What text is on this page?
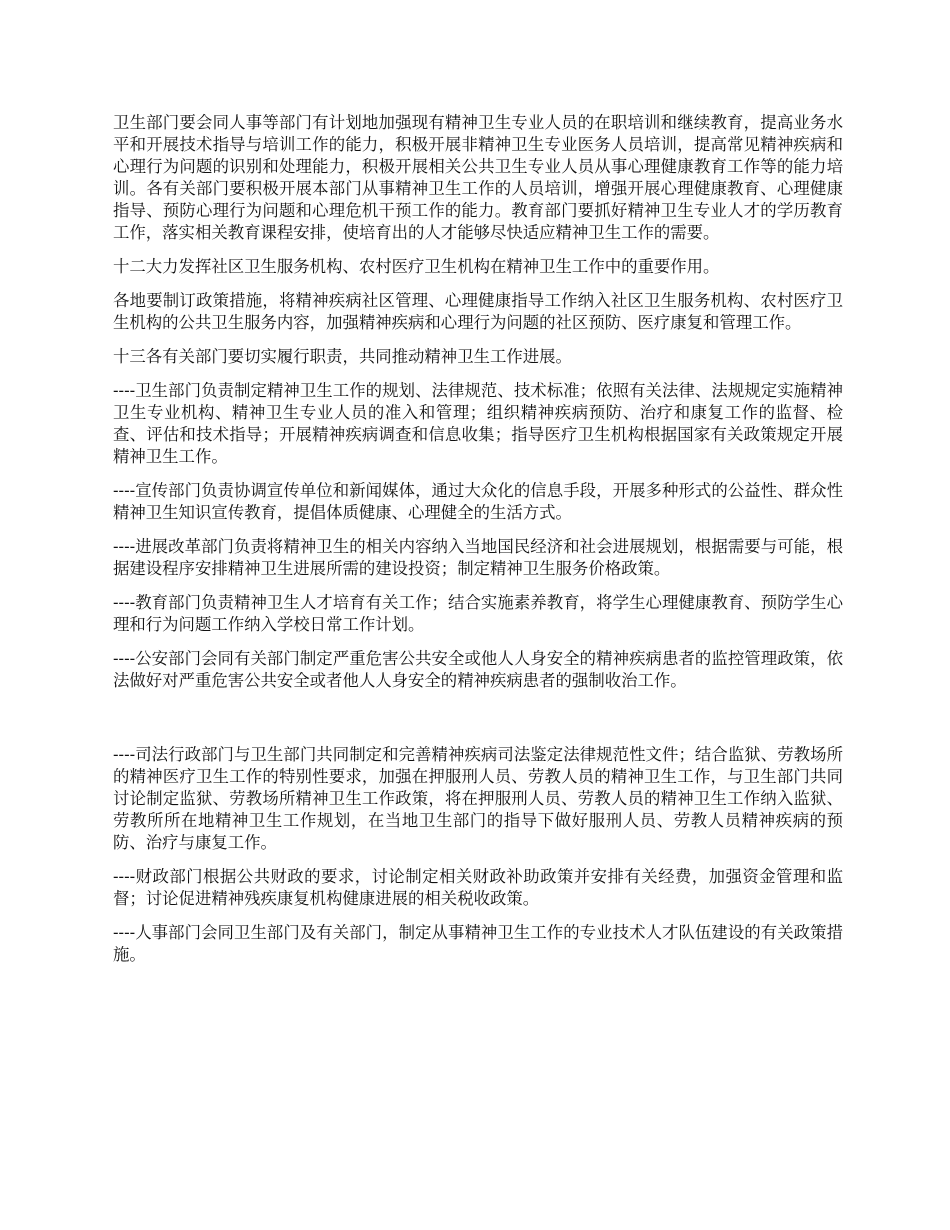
卫生部门要会同人事等部门有计划地加强现有精神卫生专业人员的在职培训和继续教育，提高业务水平和开展技术指导与培训工作的能力，积极开展非精神卫生专业医务人员培训，提高常见精神疾病和心理行为问题的识别和处理能力，积极开展相关公共卫生专业人员从事心理健康教育工作等的能力培训。各有关部门要积极开展本部门从事精神卫生工作的人员培训，增强开展心理健康教育、心理健康指导、预防心理行为问题和心理危机干预工作的能力。教育部门要抓好精神卫生专业人才的学历教育工作，落实相关教育课程安排，使培育出的人才能够尽快适应精神卫生工作的需要。

十二大力发挥社区卫生服务机构、农村医疗卫生机构在精神卫生工作中的重要作用。

各地要制订政策措施，将精神疾病社区管理、心理健康指导工作纳入社区卫生服务机构、农村医疗卫生机构的公共卫生服务内容，加强精神疾病和心理行为问题的社区预防、医疗康复和管理工作。

十三各有关部门要切实履行职责，共同推动精神卫生工作进展。

----卫生部门负责制定精神卫生工作的规划、法律规范、技术标准；依照有关法律、法规规定实施精神卫生专业机构、精神卫生专业人员的准入和管理；组织精神疾病预防、治疗和康复工作的监督、检查、评估和技术指导；开展精神疾病调查和信息收集；指导医疗卫生机构根据国家有关政策规定开展精神卫生工作。

----宣传部门负责协调宣传单位和新闻媒体，通过大众化的信息手段，开展多种形式的公益性、群众性精神卫生知识宣传教育，提倡体质健康、心理健全的生活方式。

----进展改革部门负责将精神卫生的相关内容纳入当地国民经济和社会进展规划，根据需要与可能，根据建设程序安排精神卫生进展所需的建设投资；制定精神卫生服务价格政策。

----教育部门负责精神卫生人才培育有关工作；结合实施素养教育，将学生心理健康教育、预防学生心理和行为问题工作纳入学校日常工作计划。

----公安部门会同有关部门制定严重危害公共安全或他人人身安全的精神疾病患者的监控管理政策，依法做好对严重危害公共安全或者他人人身安全的精神疾病患者的强制收治工作。

----司法行政部门与卫生部门共同制定和完善精神疾病司法鉴定法律规范性文件；结合监狱、劳教场所的精神医疗卫生工作的特别性要求，加强在押服刑人员、劳教人员的精神卫生工作，与卫生部门共同讨论制定监狱、劳教场所精神卫生工作政策，将在押服刑人员、劳教人员的精神卫生工作纳入监狱、劳教所所在地精神卫生工作规划，在当地卫生部门的指导下做好服刑人员、劳教人员精神疾病的预防、治疗与康复工作。

----财政部门根据公共财政的要求，讨论制定相关财政补助政策并安排有关经费，加强资金管理和监督；讨论促进精神残疾康复机构健康进展的相关税收政策。

----人事部门会同卫生部门及有关部门，制定从事精神卫生工作的专业技术人才队伍建设的有关政策措施。
